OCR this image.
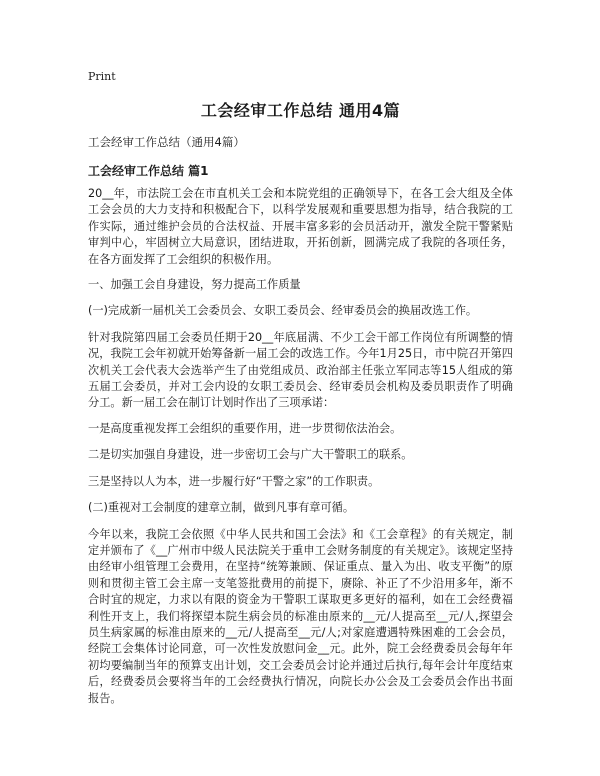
Print
工会经审工作总结 通用4篇
工会经审工作总结（通用4篇）
工会经审工作总结 篇1

20__年，市法院工会在市直机关工会和本院党组的正确领导下，在各工会大组及全体工会会员的大力支持和积极配合下，以科学发展观和重要思想为指导，结合我院的工作实际，通过维护会员的合法权益、开展丰富多彩的会员活动开，激发全院干警紧贴审判中心，牢固树立大局意识，团结进取，开拓创新，圆满完成了我院的各项任务，在各方面发挥了工会组织的积极作用。

一、加强工会自身建设，努力提高工作质量

(一)完成新一届机关工会委员会、女职工委员会、经审委员会的换届改选工作。

针对我院第四届工会委员任期于20__年底届满、不少工会干部工作岗位有所调整的情况，我院工会年初就开始筹备新一届工会的改选工作。今年1月25日，市中院召开第四次机关工会代表大会选举产生了由党组成员、政治部主任张立军同志等15人组成的第五届工会委员，并对工会内设的女职工委员会、经审委员会机构及委员职责作了明确分工。新一届工会在制订计划时作出了三项承诺：

一是高度重视发挥工会组织的重要作用，进一步贯彻依法治会。

二是切实加强自身建设，进一步密切工会与广大干警职工的联系。

三是坚持以人为本，进一步履行好“干警之家”的工作职责。

(二)重视对工会制度的建章立制，做到凡事有章可循。

今年以来，我院工会依照《中华人民共和国工会法》和《工会章程》的有关规定，制定并颁布了《__广州市中级人民法院关于重申工会财务制度的有关规定》。该规定坚持由经审小组管理工会费用，在坚持“统筹兼顾、保证重点、量入为出、收支平衡”的原则和贯彻主管工会主席一支笔签批费用的前提下，赓除、补正了不少沿用多年，渐不合时宜的规定，力求以有限的资金为干警职工谋取更多更好的福利，如在工会经费福利性开支上，我们将探望本院生病会员的标准由原来的__元/人提高至__元/人,探望会员生病家属的标准由原来的__元/人提高至__元/人;对家庭遭遇特殊困难的工会会员，经院工会集体讨论同意，可一次性发放慰问金__元。此外，院工会经费委员会每年年初均要编制当年的预算支出计划，交工会委员会讨论并通过后执行,每年会计年度结束后，经费委员会要将当年的工会经费执行情况，向院长办公会及工会委员会作出书面报告。
